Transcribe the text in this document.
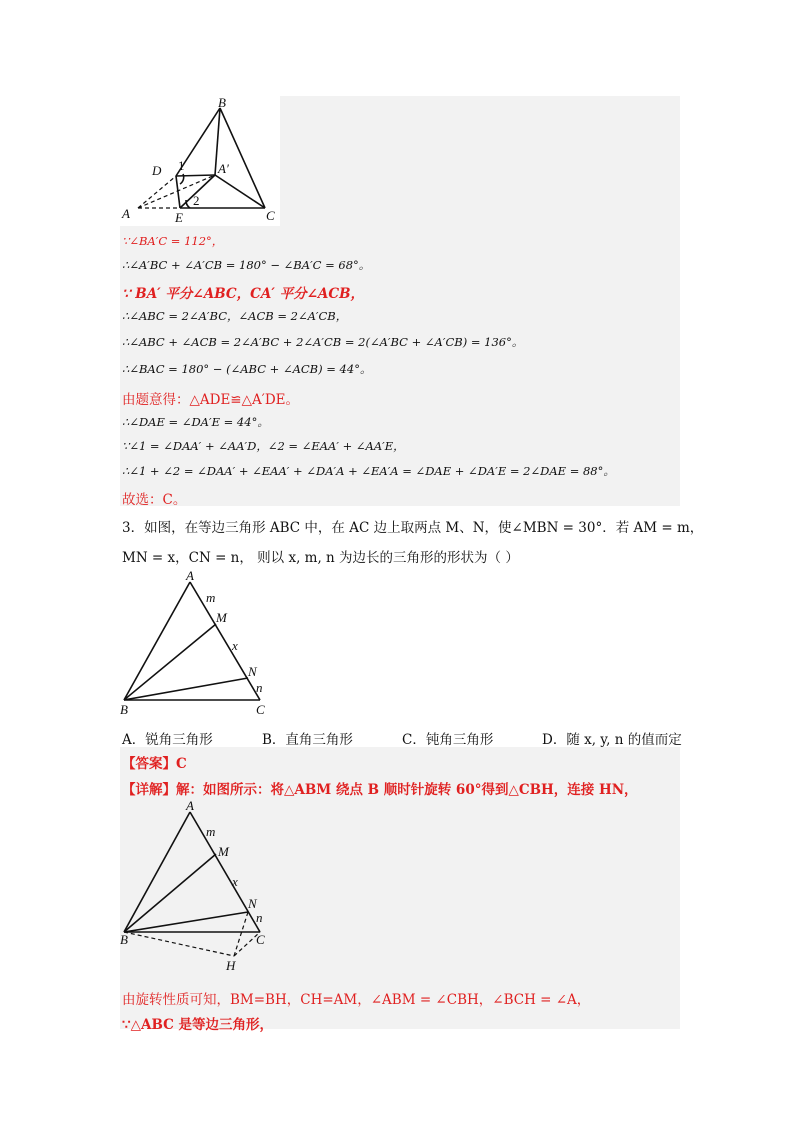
B
D 1	A′
2
A	E	C
∵∠BA′C = 112°，
∴∠A′BC + ∠A′CB = 180° − ∠BA′C = 68°。
∵ BA′ 平分∠ABC，CA′ 平分∠ACB，
∴∠ABC = 2∠A′BC，∠ACB = 2∠A′CB，
∴∠ABC + ∠ACB = 2∠A′BC + 2∠A′CB = 2(∠A′BC + ∠A′CB) = 136°。
∴∠BAC = 180° − (∠ABC + ∠ACB) = 44°。
由题意得：△ADE≌△A′DE。
∴∠DAE = ∠DA′E = 44°。
∵∠1 = ∠DAA′ + ∠AA′D，∠2 = ∠EAA′ + ∠AA′E，
∴∠1 + ∠2 = ∠DAA′ + ∠EAA′ + ∠DA′A + ∠EA′A = ∠DAE + ∠DA′E = 2∠DAE = 88°。
故选：C。
3．如图，在等边三角形 ABC 中，在 AC 边上取两点 M、N，使∠MBN = 30°．若 AM = m，
MN = x，CN = n， 则以 x, m, n 为边长的三角形的形状为（ ）
A
m
M
x
N
n
B	C
A．锐角三角形	B．直角三角形	C．钝角三角形	D．随 x, y, n 的值而定
【答案】C
【详解】解：如图所示：将△ABM 绕点 B 顺时针旋转 60°得到△CBH，连接 HN，
A
m
M
x
N
n
B	C
H
由旋转性质可知，BM=BH，CH=AM，∠ABM = ∠CBH，∠BCH = ∠A，
∵△ABC 是等边三角形，
